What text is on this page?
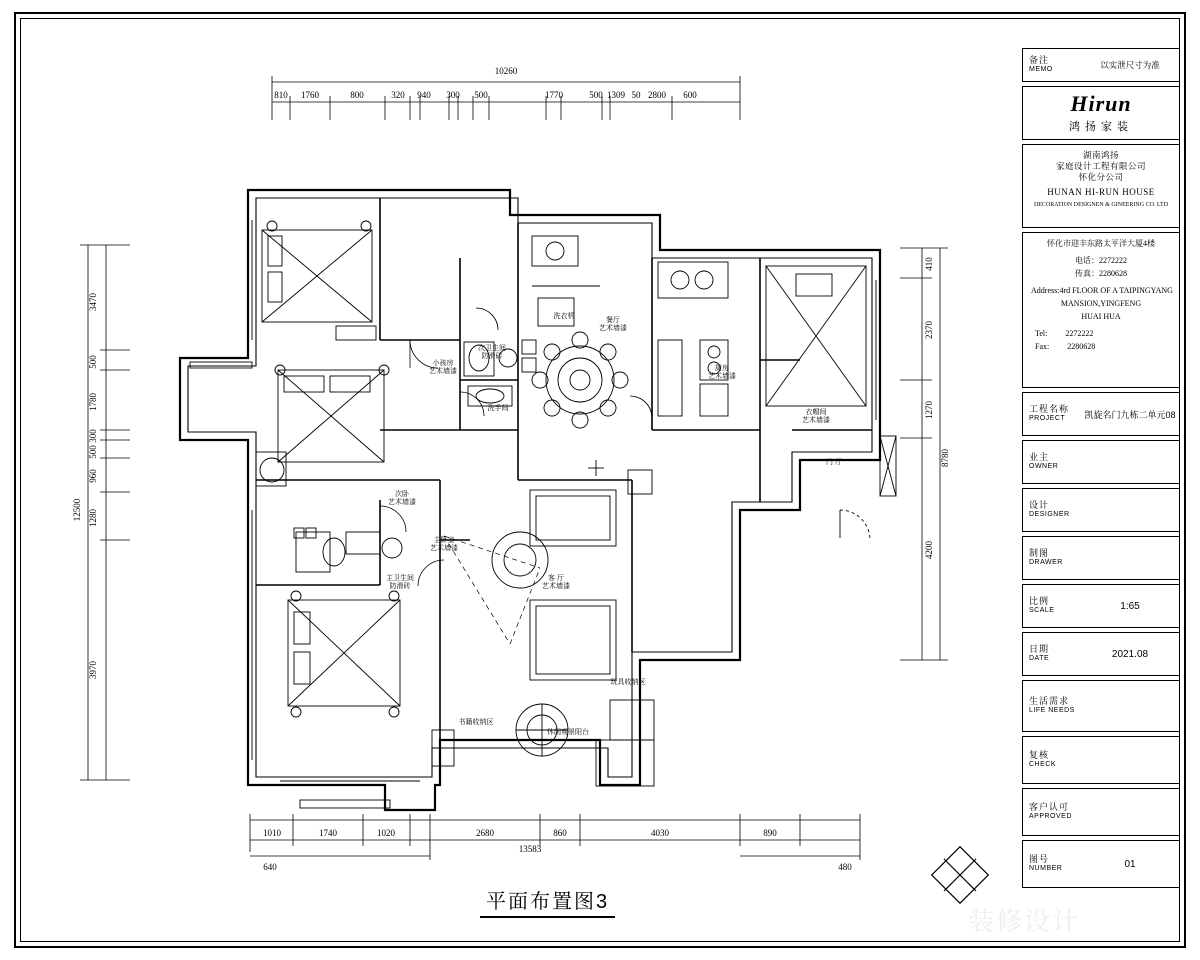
10260
810 1760	800	320 940 300 500	1770	500 1309 50 2800 600
3470
500
1780
300
500
960
1280
3970
12500
410
2370
1270
4200
8780
1010	1740	1020	2680	860	4030	890
13583
640	480
小孩房
艺术墙漆
次卫生间
防滑砖
洗手间
洗衣机
餐厅
艺术墙漆
厨房
艺术墙漆
衣帽间
艺术墙漆
门 厅
次卧
艺术墙漆
主卫生间
防滑砖
主卧室
艺术墙漆
客 厅
艺术墙漆
玩具收纳区
书籍收纳区
休闲观景阳台
平面布置图3
装修设计
备注
MEMO	以实泄尺寸为准
Hirun
鸿扬家装
湖南鸿扬
家庭设计工程有限公司
怀化分公司
HUNAN HI-RUN HOUSE
DECORATION DESIGNEN & GINEERING CO. LTD
怀化市迎丰东路太平洋大厦4楼
电话：2272222
传真：2280628
Address:4rd FLOOR OF A TAIPINGYANG
MANSION,YINGFENG
HUAI HUA
Tel: 2272222
Fax: 2280628
工程名称
PROJECT	凯旋名门九栋二单元08
业主
OWNER
设计
DESIGNER
制图
DRAWER
比例
SCALE	1:65
日期
DATE	2021.08
生活需求
LIFE NEEDS
复核
CHECK
客户认可
APPROVED
图号
NUMBER	01
